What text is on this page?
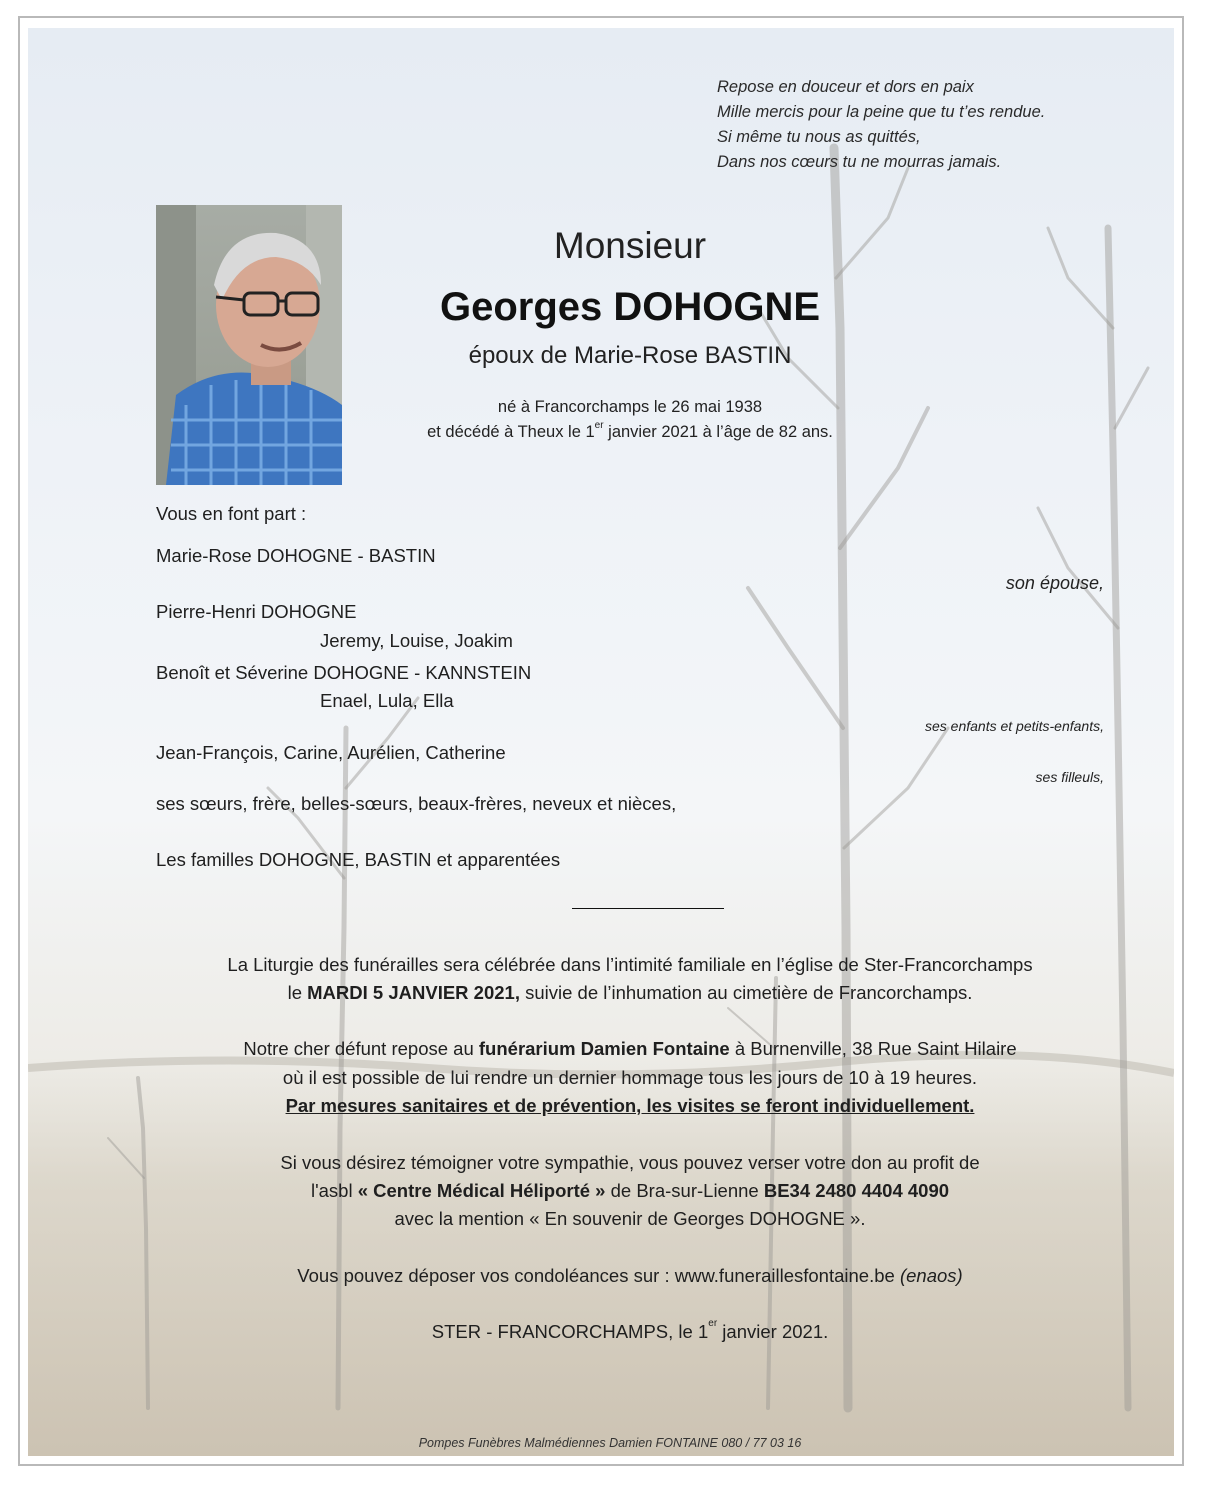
Repose en douceur et dors en paix
Mille mercis pour la peine que tu t’es rendue.
Si même tu nous as quittés,
Dans nos cœurs tu ne mourras jamais.
Monsieur
Georges DOHOGNE
époux de Marie-Rose BASTIN
né à Francorchamps le 26 mai 1938
et décédé à Theux le 1er janvier 2021 à l’âge de 82 ans.
Vous en font part :
Marie-Rose DOHOGNE - BASTIN
son épouse,
Pierre-Henri DOHOGNE
Jeremy, Louise, Joakim
Benoît et Séverine DOHOGNE - KANNSTEIN
Enael, Lula, Ella
ses enfants et petits-enfants,
Jean-François, Carine, Aurélien, Catherine
ses filleuls,
ses sœurs, frère, belles-sœurs, beaux-frères, neveux et nièces,
Les familles DOHOGNE, BASTIN et apparentées
La Liturgie des funérailles sera célébrée dans l’intimité familiale en l’église de Ster-Francorchamps
le MARDI 5 JANVIER 2021, suivie de l’inhumation au cimetière de Francorchamps.
Notre cher défunt repose au funérarium Damien Fontaine à Burnenville, 38 Rue Saint Hilaire
où il est possible de lui rendre un dernier hommage tous les jours de 10 à 19 heures.
Par mesures sanitaires et de prévention, les visites se feront individuellement.
Si vous désirez témoigner votre sympathie, vous pouvez verser votre don au profit de
l'asbl « Centre Médical Héliporté » de Bra-sur-Lienne BE34 2480 4404 4090
avec la mention « En souvenir de Georges DOHOGNE ».
Vous pouvez déposer vos condoléances sur : www.funeraillesfontaine.be (enaos)
STER - FRANCORCHAMPS, le 1er janvier 2021.
Pompes Funèbres Malmédiennes Damien FONTAINE 080 / 77 03 16
